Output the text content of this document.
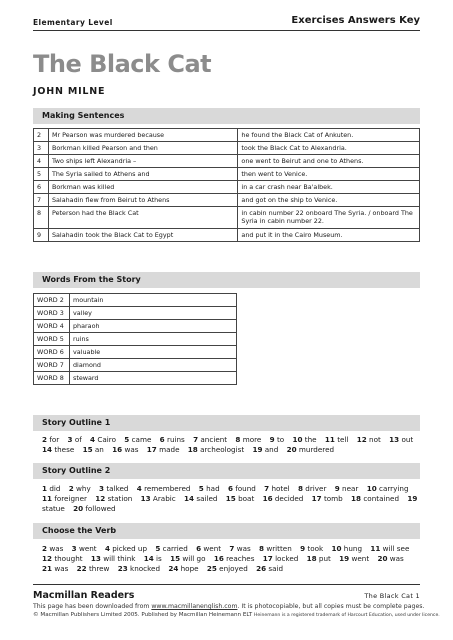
Elementary Level	Exercises Answers Key
The Black Cat
JOHN MILNE
Making Sentences
2	Mr Pearson was murdered because	he found the Black Cat of Ankuten.
3	Borkman killed Pearson and then	took the Black Cat to Alexandria.
4	Two ships left Alexandria –	one went to Beirut and one to Athens.
5	The Syria sailed to Athens and	then went to Venice.
6	Borkman was killed	in a car crash near Ba'albek.
7	Salahadin flew from Beirut to Athens	and got on the ship to Venice.
8	Peterson had the Black Cat	in cabin number 22 onboard The Syria. / onboard The Syria in cabin number 22.
9	Salahadin took the Black Cat to Egypt	and put it in the Cairo Museum.
Words From the Story
WORD 2	mountain
WORD 3	valley
WORD 4	pharaoh
WORD 5	ruins
WORD 6	valuable
WORD 7	diamond
WORD 8	steward
Story Outline 1
2 for 3 of 4 Cairo 5 came 6 ruins 7 ancient 8 more 9 to 10 the 11 tell 12 not 13 out 14 these 15 an 16 was 17 made 18 archeologist 19 and 20 murdered
Story Outline 2
1 did 2 why 3 talked 4 remembered 5 had 6 found 7 hotel 8 driver 9 near 10 carrying 11 foreigner 12 station 13 Arabic 14 sailed 15 boat 16 decided 17 tomb 18 contained 19 statue 20 followed
Choose the Verb
2 was 3 went 4 picked up 5 carried 6 went 7 was 8 written 9 took 10 hung 11 will see 12 thought 13 will think 14 is 15 will go 16 reaches 17 locked 18 put 19 went 20 was 21 was 22 threw 23 knocked 24 hope 25 enjoyed 26 said
Macmillan Readers	The Black Cat 1
This page has been downloaded from www.macmillanenglish.com. It is photocopiable, but all copies must be complete pages.
© Macmillan Publishers Limited 2005. Published by Macmillan Heinemann ELT Heinemann is a registered trademark of Harcourt Education, used under licence.
